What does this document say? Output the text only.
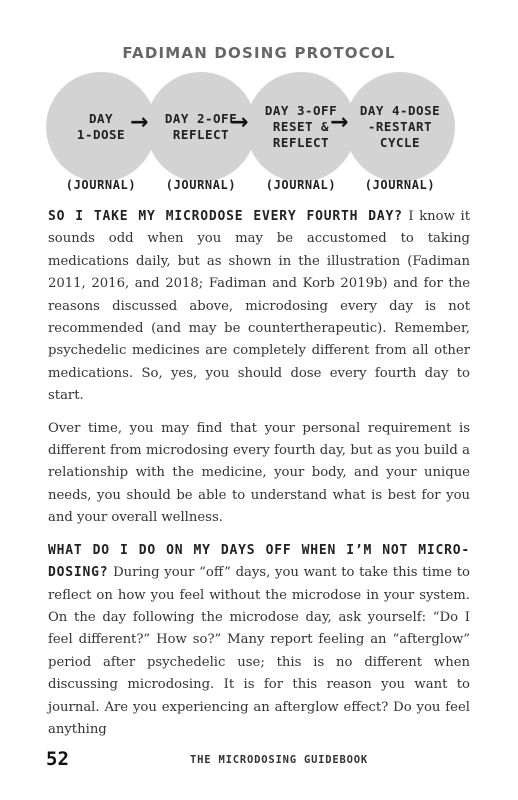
FADIMAN DOSING PROTOCOL
DAY
1-DOSE
DAY 2-OFF
REFLECT
DAY 3-OFF
RESET &
REFLECT
DAY 4-DOSE
-RESTART
CYCLE
→	→	→
(JOURNAL)	(JOURNAL)	(JOURNAL)	(JOURNAL)

SO I TAKE MY MICRODOSE EVERY FOURTH DAY? I know it sounds odd when you may be accustomed to taking medications daily, but as shown in the illustration (Fadiman 2011, 2016, and 2018; Fadiman and Korb 2019b) and for the reasons discussed above, microdosing every day is not recommended (and may be countertherapeutic). Remember, psychedelic medicines are completely different from all other medications. So, yes, you should dose every fourth day to start.

Over time, you may find that your personal requirement is different from microdosing every fourth day, but as you build a relationship with the medicine, your body, and your unique needs, you should be able to understand what is best for you and your overall wellness.

WHAT DO I DO ON MY DAYS OFF WHEN I’M NOT MICRO-DOSING? During your “off” days, you want to take this time to reflect on how you feel without the microdose in your system. On the day following the microdose day, ask yourself: “Do I feel different?” How so?” Many report feeling an “afterglow” period after psychedelic use; this is no different when discussing microdosing. It is for this reason you want to journal. Are you experiencing an afterglow effect? Do you feel anything

52	THE MICRODOSING GUIDEBOOK
